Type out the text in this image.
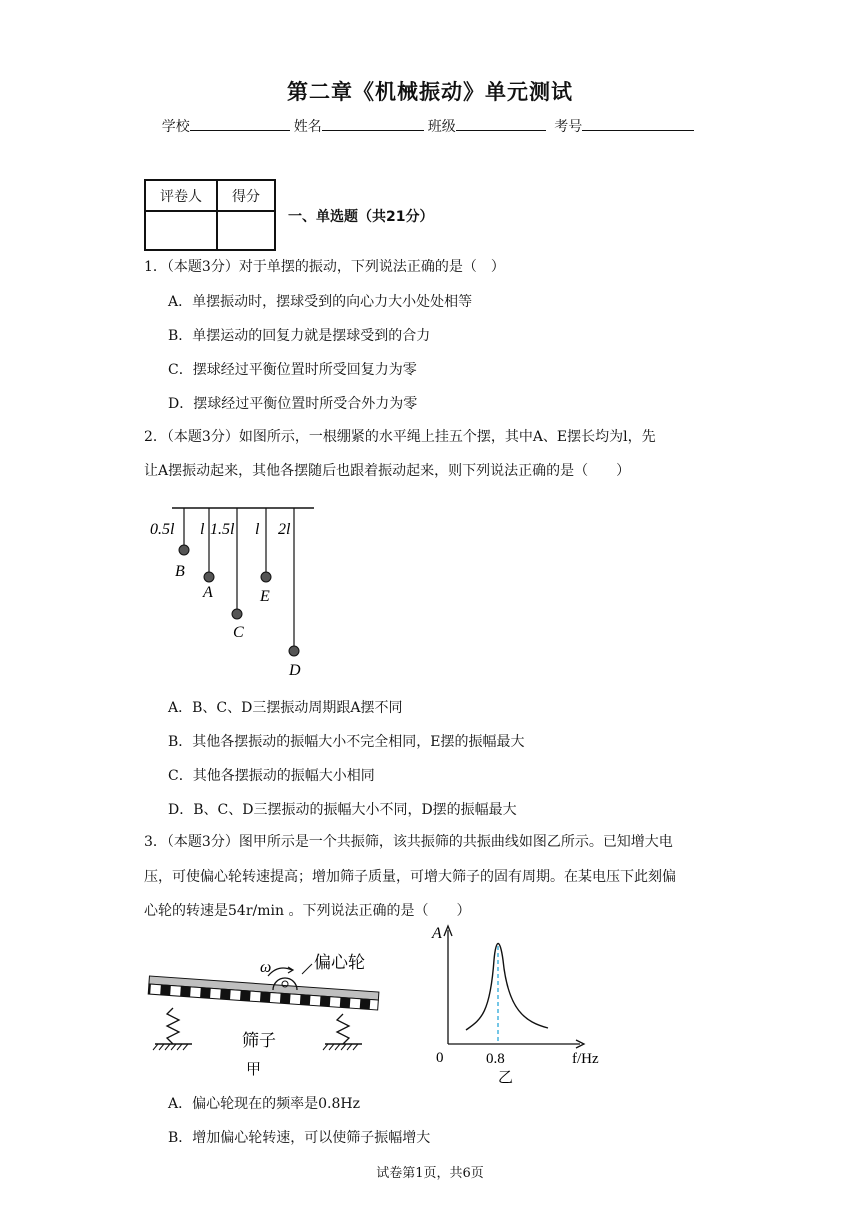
第二章《机械振动》单元测试
学校	姓名	班级	考号
评卷人	得分

一、单选题（共21分）
1．（本题3分）对于单摆的振动，下列说法正确的是（　）
A．单摆振动时，摆球受到的向心力大小处处相等
B．单摆运动的回复力就是摆球受到的合力
C．摆球经过平衡位置时所受回复力为零
D．摆球经过平衡位置时所受合外力为零
2．（本题3分）如图所示，一根绷紧的水平绳上挂五个摆，其中A、E摆长均为l，先
让A摆振动起来，其他各摆随后也跟着振动起来，则下列说法正确的是（　　）
0.5l l 1.5l l 2l
B
A
C
E
D
A．B、C、D三摆振动周期跟A摆不同
B．其他各摆振动的振幅大小不完全相同，E摆的振幅最大
C．其他各摆振动的振幅大小相同
D．B、C、D三摆振动的振幅大小不同，D摆的振幅最大
3．（本题3分）图甲所示是一个共振筛，该共振筛的共振曲线如图乙所示。已知增大电
压，可使偏心轮转速提高；增加筛子质量，可增大筛子的固有周期。在某电压下此刻偏
心轮的转速是54r/min 。下列说法正确的是（　　）
ω	偏心轮
筛子
甲
A
0	0.8	f/Hz
乙
A．偏心轮现在的频率是0.8Hz
B．增加偏心轮转速，可以使筛子振幅增大
试卷第1页，共6页
